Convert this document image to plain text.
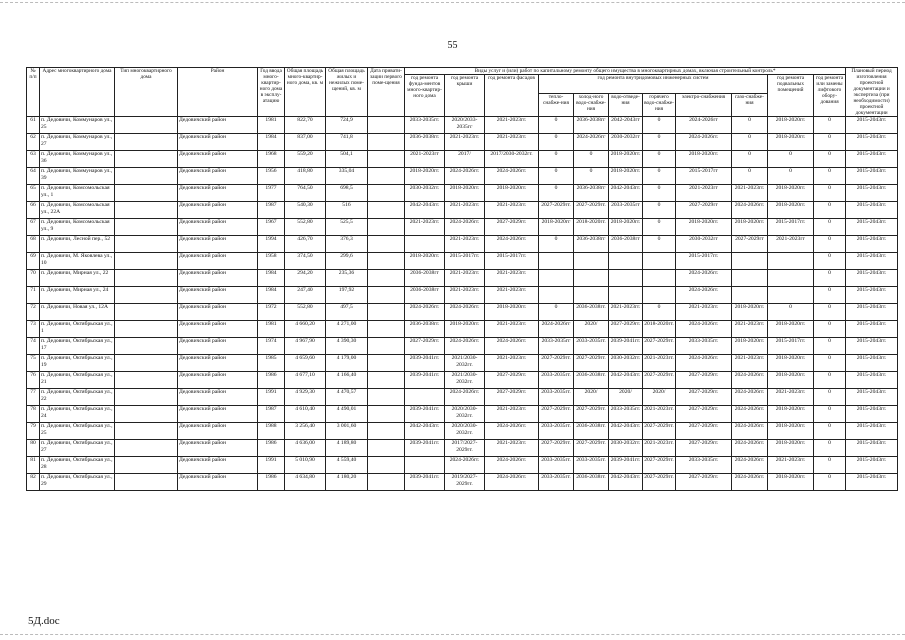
55
№ п/п	Адрес многоквартирного дома	Тип многоквартирного дома	Район	Год ввода много-квартир-ного дома в эксплу-атацию	Общая площадь много-квартир-ного дома, кв. м	Общая площадь жилых и нежилых поме-щений, кв. м	Дата привати-зации первого поме-щения	Виды услуг и (или) работ по капитальному ремонту общего имущества в многоквартирных домах, включая строительный контроль*											Плановый период изготовления проектной документации и экспертиза (при необходимости) проектной документации
								год ремонта фунда-ментов много-квартир-ного дома	год ремонта крыши	год ремонта фасадов	год ремонта внутридомовых инженерных систем						год ремонта подвальных помещений	год ремонта или замены лифтового обору-дования	
											тепло-снабже-ния	холод-ного водо-снабже-ния	водо-отведе-ния	горячего водо-снабже-ния	электро-снабжения	газо-снабже-ния			
61	п. Дедовичи, Коммунаров ул., 25		Дедовичский район	1981	822,70	724,9		2033-2035гг.	2020/2033-2035гг	2021-2023гг.	0	2036-2038гг	2042-2043гг	0	2024-2026гг	0	2018-2020гг.	0	2015-2043гг.
62	п. Дедовичи, Коммунаров ул., 27		Дедовичский район	1984	837,00	741,8		2036-2038гг.	2021-2023гг.	2021-2023гг.	0	2024-2026гг	2030-2032гг	0	2024-2026гг.	0	2018-2020гг.	0	2015-2043гг.
63	п. Дедовичи, Коммунаров ул., 36		Дедовичский район	1968	559,20	504,1		2021-2023гг	2017/	2017/2030-2032гг.	0	0	2018-2020гг.	0	2018-2020гг.	0	0	0	2015-2043гг.
64	п. Дедовичи, Коммунаров ул., 39		Дедовичский район	1956	418,80	335,04		2018-2020гг.	2024-2026гг.	2024-2026гг.	0	0	2018-2020гг.	0	2015-2017гг	0	0	0	2015-2043гг.
65	п. Дедовичи, Комсомольская ул., 1		Дедовичский район	1977	764,50	698,5		2030-2032гг.	2018-2020гг.	2018-2020гг.	0	2036-2038гг	2042-2043гг.	0	2021-2023гг	2021-2023гг.	2018-2020гг.	0	2015-2043гг.
66	п. Дедовичи, Комсомольская ул., 22А		Дедовичский район	1987	540,30	516		2042-2043гг.	2021-2023гг.	2021-2023гг.	2027-2029гг.	2027-2029гг.	2033-2035гг	0	2027-2029гг	2024-2026гг.	2018-2020гг.	0	2015-2043гг.
67	п. Дедовичи, Комсомольская ул., 9		Дедовичский район	1967	552,80	525,5		2021-2023гг.	2024-2026гг.	2027-2029гг.	2018-2020гг	2018-2020гг.	2018-2020гг.	0	2018-2020гг.	2018-2020гг.	2015-2017гг.	0	2015-2043гг.
68	п. Дедовичи, Лесной пер., 52		Дедовичский район	1994	426,70	376,3			2021-2023гг.	2024-2026гг.	0	2036-2038гг	2036-2038гг	0	2030-2032гг	2027-2029гг	2021-2023гг	0	2015-2043гг.
69	п. Дедовичи, М. Яковлева ул., 10		Дедовичский район	1958	374,50	299,6		2018-2020гг.	2015-2017гг.	2015-2017гг.					2015-2017гг.			0	2015-2043гг.
70	п. Дедовичи, Мирная ул., 22		Дедовичский район	1984	294,20	235,36		2036-2038гг	2021-2023гг.	2021-2023гг.					2024-2026гг.			0	2015-2043гг.
71	п. Дедовичи, Мирная ул., 24		Дедовичский район	1984	247,40	197,92		2036-2038гг	2021-2023гг.	2021-2023гг.					2024-2026гг.			0	2015-2043гг.
72	п. Дедовичи, Новая ул., 12А		Дедовичский район	1972	552,80	497,5		2024-2026гг.	2024-2026гг.	2018-2020гг.	0	2036-2038гг.	2021-2023гг.	0	2021-2023гг.	2018-2020гг.	0	0	2015-2043гг.
73	п. Дедовичи, Октябрьская ул., 1		Дедовичский район	1981	4 660,20	4 271,00		2036-2038гг.	2018-2020гг.	2021-2023гг.	2024-2026гг	2020/	2027-2029гг.	2018-2020гг.	2024-2026гг.	2021-2023гг.	2018-2020гг.	0	2015-2043гг.
74	п. Дедовичи, Октябрьская ул., 17		Дедовичский район	1974	4 967,90	4 390,30		2027-2029гг.	2024-2026гг.	2024-2026гг.	2033-2035гг	2033-2035гг.	2039-2041гг.	2027-2029гг.	2033-2035гг.	2018-2020гг.	2015-2017гг.	0	2015-2043гг.
75	п. Дедовичи, Октябрьская ул., 19		Дедовичский район	1985	4 659,60	4 179,00		2039-2041гг.	2021/2030-2032гг.	2021-2023гг.	2027-2029гг.	2027-2029гг.	2030-2032гг.	2021-2023гг.	2024-2026гг.	2021-2023гг.	2018-2020гг.	0	2015-2043гг.
76	п. Дедовичи, Октябрьская ул., 21		Дедовичский район	1986	4 677,10	4 166,40		2039-2041гг.	2021/2030-2032гг.	2027-2029гг.	2033-2035гг.	2036-2038гг.	2042-2043гг.	2027-2029гг.	2027-2029гг.	2024-2026гг.	2018-2020гг.	0	2015-2043гг.
77	п. Дедовичи, Октябрьская ул., 22		Дедовичский район	1991	4 929,30	4 470,57			2024-2026гг.	2027-2029гг.	2033-2035гг.	2020/	2020/	2020/	2027-2029гг.	2024-2026гг.	2021-2023гг.	0	2015-2043гг.
78	п. Дедовичи, Октябрьская ул., 24		Дедовичский район	1987	4 610,40	4 490,01		2039-2041гг.	2020/2030-2032гг.	2021-2023гг.	2027-2029гг.	2027-2029гг.	2033-2035гг.	2021-2023гг.	2027-2029гг.	2024-2026гг.	2018-2020гг.	0	2015-2043гг.
79	п. Дедовичи, Октябрьская ул., 25		Дедовичский район	1988	3 256,40	3 001,60		2042-2043гг.	2020/2030-2032гг.	2024-2026гг.	2033-2035гг.	2036-2038гг.	2042-2043гг.	2027-2029гг.	2027-2029гг.	2024-2026гг.	2018-2020гг.	0	2015-2043гг.
80	п. Дедовичи, Октябрьская ул., 27		Дедовичский район	1986	4 636,00	4 189,80		2039-2041гг.	2017/2027-2029гг.	2021-2023гг.	2027-2029гг.	2027-2029гг.	2030-2032гг.	2021-2023гг.	2027-2029гг.	2024-2026гг.	2018-2020гг.	0	2015-2043гг.
81	п. Дедовичи, Октябрьская ул., 28		Дедовичский район	1991	5 010,90	4 559,40			2024-2026гг.	2024-2026гг.	2033-2035гг.	2033-2035гг.	2039-2041гг.	2027-2029гг.	2033-2035гг.	2024-2026гг.	2021-2023гг.	0	2015-2043гг.
82	п. Дедовичи, Октябрьская ул., 29		Дедовичский район	1986	4 634,80	4 180,20		2039-2041гг.	2019/2027-2029гг.	2024-2026гг.	2033-2035гг.	2036-2038гг.	2042-2043гг.	2027-2029гг.	2027-2029гг.	2024-2026гг.	2018-2020гг.	0	2015-2043гг.
5Д.doc
